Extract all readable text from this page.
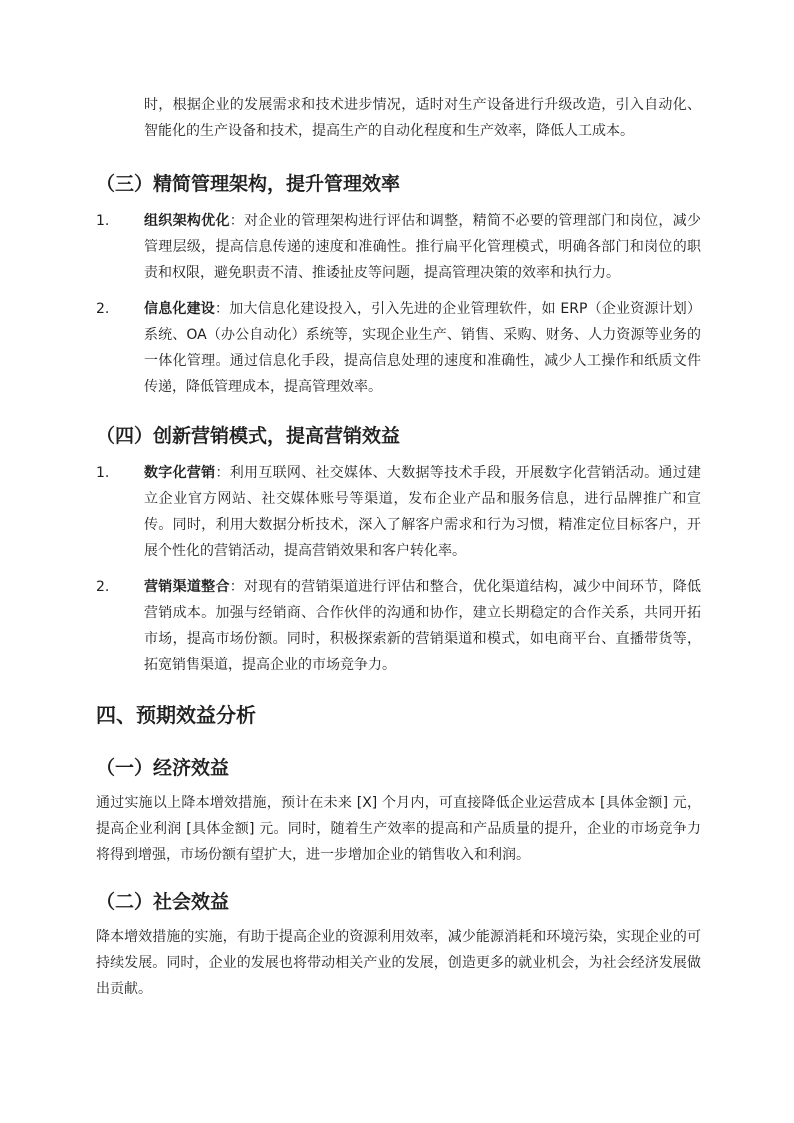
时，根据企业的发展需求和技术进步情况，适时对生产设备进行升级改造，引入自动化、智能化的生产设备和技术，提高生产的自动化程度和生产效率，降低人工成本。

（三）精简管理架构，提升管理效率
1. 组织架构优化：对企业的管理架构进行评估和调整，精简不必要的管理部门和岗位，减少管理层级，提高信息传递的速度和准确性。推行扁平化管理模式，明确各部门和岗位的职责和权限，避免职责不清、推诿扯皮等问题，提高管理决策的效率和执行力。
2. 信息化建设：加大信息化建设投入，引入先进的企业管理软件，如 ERP（企业资源计划）系统、OA（办公自动化）系统等，实现企业生产、销售、采购、财务、人力资源等业务的一体化管理。通过信息化手段，提高信息处理的速度和准确性，减少人工操作和纸质文件传递，降低管理成本，提高管理效率。
（四）创新营销模式，提高营销效益
1. 数字化营销：利用互联网、社交媒体、大数据等技术手段，开展数字化营销活动。通过建立企业官方网站、社交媒体账号等渠道，发布企业产品和服务信息，进行品牌推广和宣传。同时，利用大数据分析技术，深入了解客户需求和行为习惯，精准定位目标客户，开展个性化的营销活动，提高营销效果和客户转化率。
2. 营销渠道整合：对现有的营销渠道进行评估和整合，优化渠道结构，减少中间环节，降低营销成本。加强与经销商、合作伙伴的沟通和协作，建立长期稳定的合作关系，共同开拓市场，提高市场份额。同时，积极探索新的营销渠道和模式，如电商平台、直播带货等，拓宽销售渠道，提高企业的市场竞争力。
四、预期效益分析
（一）经济效益

通过实施以上降本增效措施，预计在未来 [X] 个月内，可直接降低企业运营成本 [具体金额] 元，提高企业利润 [具体金额] 元。同时，随着生产效率的提高和产品质量的提升，企业的市场竞争力将得到增强，市场份额有望扩大，进一步增加企业的销售收入和利润。

（二）社会效益

降本增效措施的实施，有助于提高企业的资源利用效率，减少能源消耗和环境污染，实现企业的可持续发展。同时，企业的发展也将带动相关产业的发展，创造更多的就业机会，为社会经济发展做出贡献。
